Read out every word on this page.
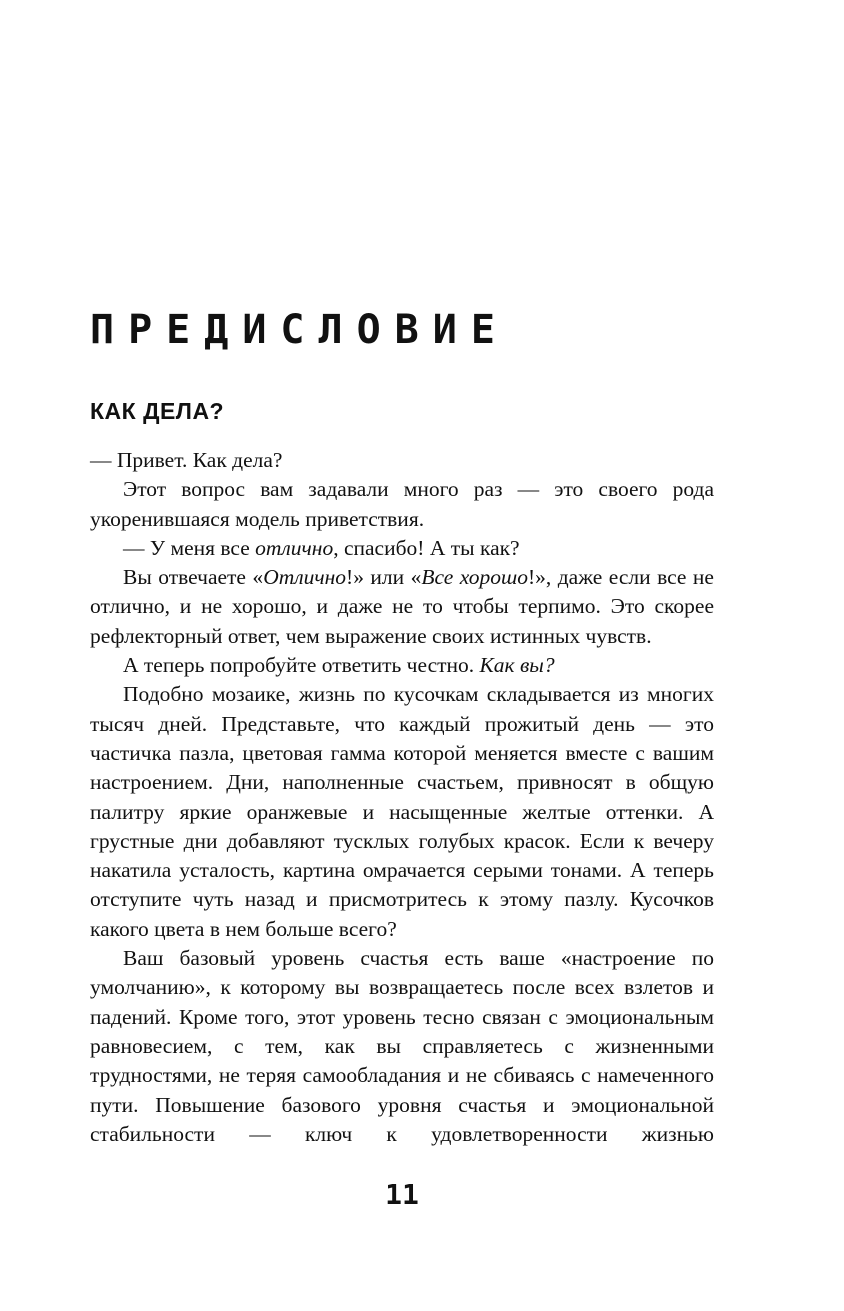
ПРЕДИСЛОВИЕ
КАК ДЕЛА?

— Привет. Как дела?

Этот вопрос вам задавали много раз — это своего рода укоренившаяся модель приветствия.

— У меня все отлично, спасибо! А ты как?

Вы отвечаете «Отлично!» или «Все хорошо!», даже если все не отлично, и не хорошо, и даже не то чтобы терпимо. Это скорее рефлекторный ответ, чем выражение своих истинных чувств.

А теперь попробуйте ответить честно. Как вы?

Подобно мозаике, жизнь по кусочкам складывается из многих тысяч дней. Представьте, что каждый прожитый день — это частичка пазла, цветовая гамма которой меняется вместе с вашим настроением. Дни, наполненные счастьем, привносят в общую палитру яркие оранжевые и насыщенные желтые оттенки. А грустные дни добавляют тусклых голубых красок. Если к вечеру накатила усталость, картина омрачается серыми тонами. А теперь отступите чуть назад и присмотритесь к этому пазлу. Кусочков какого цвета в нем больше всего?

Ваш базовый уровень счастья есть ваше «настроение по умолчанию», к которому вы возвращаетесь после всех взлетов и падений. Кроме того, этот уровень тесно связан с эмоциональным равновесием, с тем, как вы справляетесь с жизненными трудностями, не теряя самообладания и не сбиваясь с намеченного пути. Повышение базового уровня счастья и эмоциональной стабильности — ключ к удовлетворенности жизнью

11
